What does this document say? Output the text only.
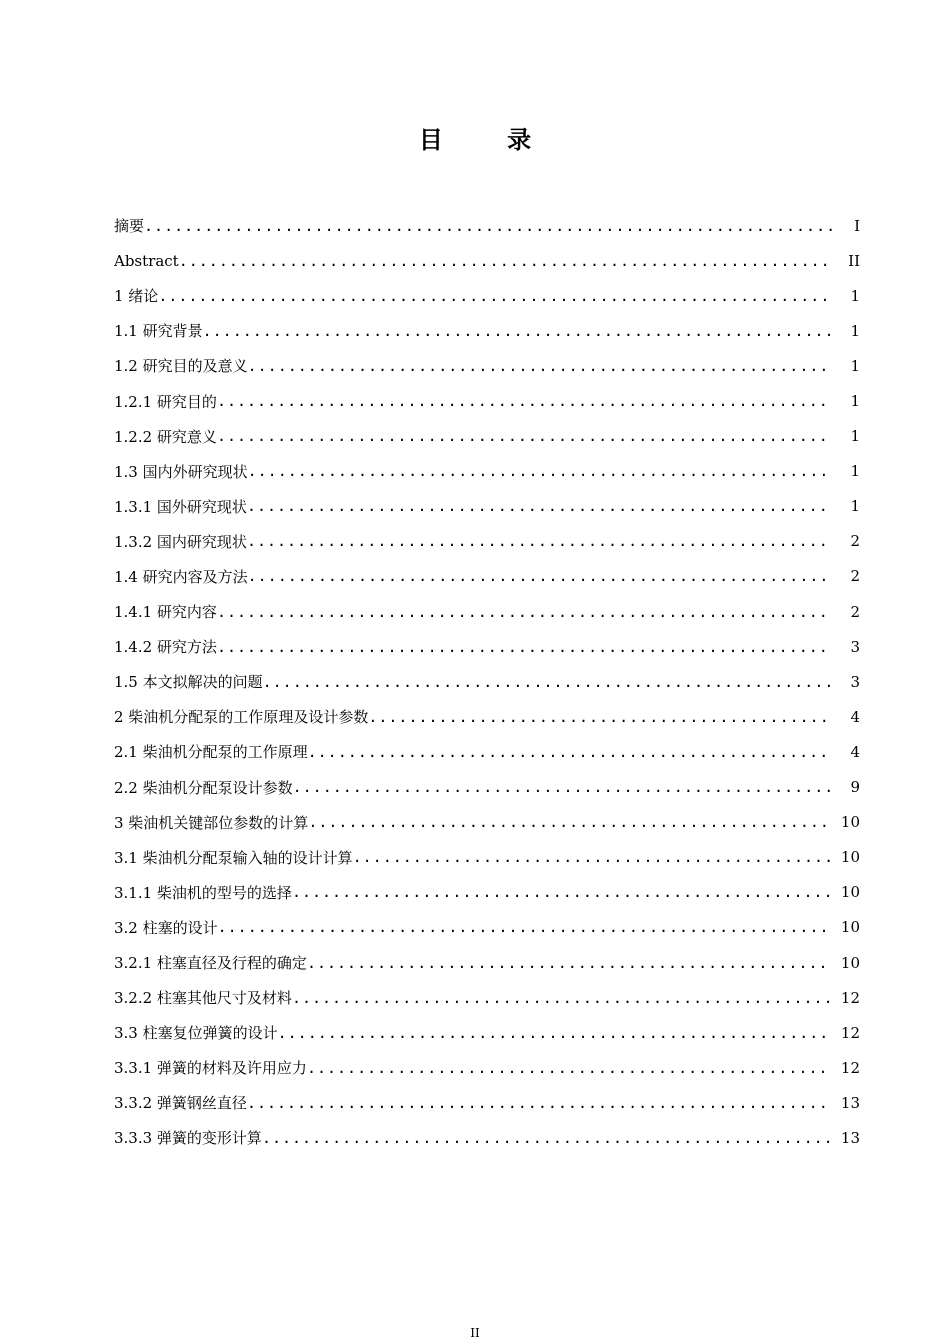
目 录
摘要 .....	I
Abstract .....	II
1 绪论 .....	1
1.1 研究背景 .....	1
1.2 研究目的及意义 .....	1
1.2.1 研究目的 .....	1
1.2.2 研究意义 .....	1
1.3 国内外研究现状 .....	1
1.3.1 国外研究现状 .....	1
1.3.2 国内研究现状 .....	2
1.4 研究内容及方法 .....	2
1.4.1 研究内容 .....	2
1.4.2 研究方法 .....	3
1.5 本文拟解决的问题 .....	3
2 柴油机分配泵的工作原理及设计参数 .....	4
2.1 柴油机分配泵的工作原理 .....	4
2.2 柴油机分配泵设计参数 .....	9
3 柴油机关键部位参数的计算 .....	10
3.1 柴油机分配泵输入轴的设计计算 .....	10
3.1.1 柴油机的型号的选择 .....	10
3.2 柱塞的设计 .....	10
3.2.1 柱塞直径及行程的确定 .....	10
3.2.2 柱塞其他尺寸及材料 .....	12
3.3 柱塞复位弹簧的设计 .....	12
3.3.1 弹簧的材料及许用应力 .....	12
3.3.2 弹簧钢丝直径 .....	13
3.3.3 弹簧的变形计算 .....	13
II
